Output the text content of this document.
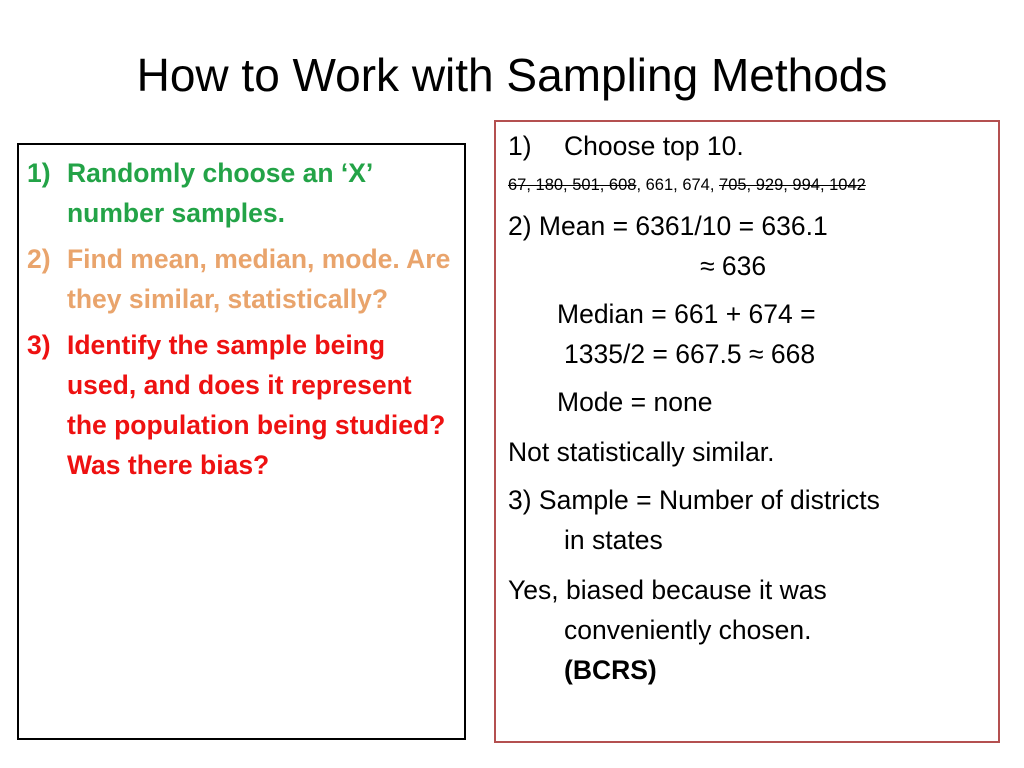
How to Work with Sampling Methods
1) Randomly choose an ‘X’ number samples.
2) Find mean, median, mode. Are they similar, statistically?
3) Identify the sample being used, and does it represent the population being studied? Was there bias?
1) Choose top 10.
67, 180, 501, 608, 661, 674, 705, 929, 994, 1042
2) Mean = 6361/10 = 636.1
≈ 636
Median = 661 + 674 =
1335/2 = 667.5 ≈ 668
Mode = none
Not statistically similar.
3) Sample = Number of districts
in states
Yes, biased because it was
conveniently chosen.
(BCRS)
